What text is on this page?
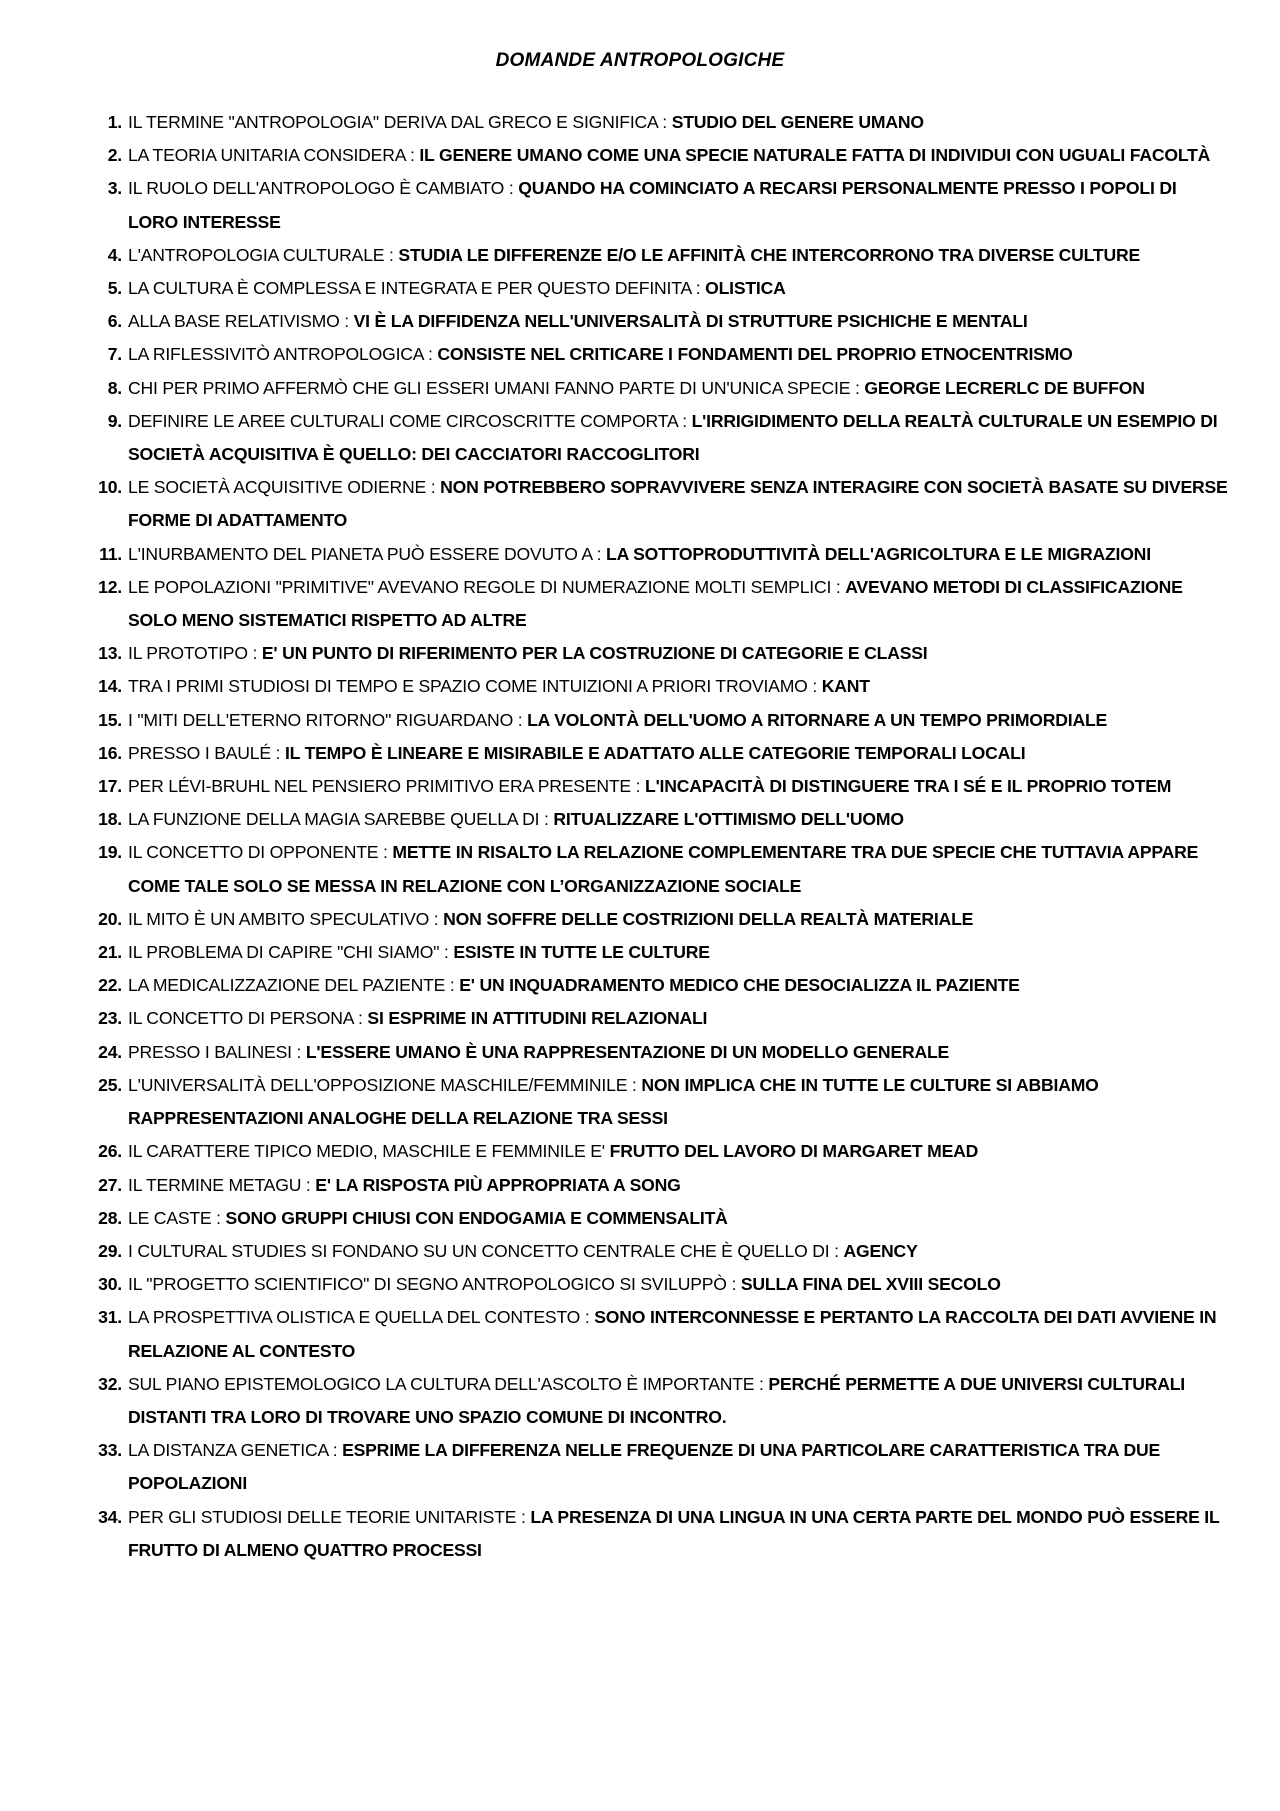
DOMANDE ANTROPOLOGICHE
1. IL TERMINE "ANTROPOLOGIA" DERIVA DAL GRECO E SIGNIFICA : STUDIO DEL GENERE UMANO
2. LA TEORIA UNITARIA CONSIDERA : IL GENERE UMANO COME UNA SPECIE NATURALE FATTA DI INDIVIDUI CON UGUALI FACOLTÀ
3. IL RUOLO DELL'ANTROPOLOGO È CAMBIATO : QUANDO HA COMINCIATO A RECARSI PERSONALMENTE PRESSO I POPOLI DI LORO INTERESSE
4. L'ANTROPOLOGIA CULTURALE : STUDIA LE DIFFERENZE E/O LE AFFINITÀ CHE INTERCORRONO TRA DIVERSE CULTURE
5. LA CULTURA È COMPLESSA E INTEGRATA E PER QUESTO DEFINITA : OLISTICA
6. ALLA BASE RELATIVISMO : VI È LA DIFFIDENZA NELL'UNIVERSALITÀ DI STRUTTURE PSICHICHE E MENTALI
7. LA RIFLESSIVITÒ ANTROPOLOGICA : CONSISTE NEL CRITICARE I FONDAMENTI DEL PROPRIO ETNOCENTRISMO
8. CHI PER PRIMO AFFERMÒ CHE GLI ESSERI UMANI FANNO PARTE DI UN'UNICA SPECIE : GEORGE LECRERLC DE BUFFON
9. DEFINIRE LE AREE CULTURALI COME CIRCOSCRITTE COMPORTA : L'IRRIGIDIMENTO DELLA REALTÀ CULTURALE UN ESEMPIO DI SOCIETÀ ACQUISITIVA È QUELLO: DEI CACCIATORI RACCOGLITORI
10. LE SOCIETÀ ACQUISITIVE ODIERNE : NON POTREBBERO SOPRAVVIVERE SENZA INTERAGIRE CON SOCIETÀ BASATE SU DIVERSE FORME DI ADATTAMENTO
11. L'INURBAMENTO DEL PIANETA PUÒ ESSERE DOVUTO A : LA SOTTOPRODUTTIVITÀ DELL'AGRICOLTURA E LE MIGRAZIONI
12. LE POPOLAZIONI "PRIMITIVE" AVEVANO REGOLE DI NUMERAZIONE MOLTI SEMPLICI : AVEVANO METODI DI CLASSIFICAZIONE SOLO MENO SISTEMATICI RISPETTO AD ALTRE
13. IL PROTOTIPO : E' UN PUNTO DI RIFERIMENTO PER LA COSTRUZIONE DI CATEGORIE E CLASSI
14. TRA I PRIMI STUDIOSI DI TEMPO E SPAZIO COME INTUIZIONI A PRIORI TROVIAMO : KANT
15. I "MITI DELL'ETERNO RITORNO" RIGUARDANO : LA VOLONTÀ DELL'UOMO A RITORNARE A UN TEMPO PRIMORDIALE
16. PRESSO I BAULÉ : IL TEMPO È LINEARE E MISIRABILE E ADATTATO ALLE CATEGORIE TEMPORALI LOCALI
17. PER LÉVI-BRUHL NEL PENSIERO PRIMITIVO ERA PRESENTE : L'INCAPACITÀ DI DISTINGUERE TRA I SÉ E IL PROPRIO TOTEM
18. LA FUNZIONE DELLA MAGIA SAREBBE QUELLA DI : RITUALIZZARE L'OTTIMISMO DELL'UOMO
19. IL CONCETTO DI OPPONENTE : METTE IN RISALTO LA RELAZIONE COMPLEMENTARE TRA DUE SPECIE CHE TUTTAVIA APPARE COME TALE SOLO SE MESSA IN RELAZIONE CON L’ORGANIZZAZIONE SOCIALE
20. IL MITO È UN AMBITO SPECULATIVO : NON SOFFRE DELLE COSTRIZIONI DELLA REALTÀ MATERIALE
21. IL PROBLEMA DI CAPIRE "CHI SIAMO" : ESISTE IN TUTTE LE CULTURE
22. LA MEDICALIZZAZIONE DEL PAZIENTE : E' UN INQUADRAMENTO MEDICO CHE DESOCIALIZZA IL PAZIENTE
23. IL CONCETTO DI PERSONA : SI ESPRIME IN ATTITUDINI RELAZIONALI
24. PRESSO I BALINESI : L'ESSERE UMANO È UNA RAPPRESENTAZIONE DI UN MODELLO GENERALE
25. L'UNIVERSALITÀ DELL'OPPOSIZIONE MASCHILE/FEMMINILE : NON IMPLICA CHE IN TUTTE LE CULTURE SI ABBIAMO RAPPRESENTAZIONI ANALOGHE DELLA RELAZIONE TRA SESSI
26. IL CARATTERE TIPICO MEDIO, MASCHILE E FEMMINILE E' FRUTTO DEL LAVORO DI MARGARET MEAD
27. IL TERMINE METAGU : E' LA RISPOSTA PIÙ APPROPRIATA A SONG
28. LE CASTE : SONO GRUPPI CHIUSI CON ENDOGAMIA E COMMENSALITÀ
29. I CULTURAL STUDIES SI FONDANO SU UN CONCETTO CENTRALE CHE È QUELLO DI : AGENCY
30. IL "PROGETTO SCIENTIFICO" DI SEGNO ANTROPOLOGICO SI SVILUPPÒ : SULLA FINA DEL XVIII SECOLO
31. LA PROSPETTIVA OLISTICA E QUELLA DEL CONTESTO : SONO INTERCONNESSE E PERTANTO LA RACCOLTA DEI DATI AVVIENE IN RELAZIONE AL CONTESTO
32. SUL PIANO EPISTEMOLOGICO LA CULTURA DELL'ASCOLTO È IMPORTANTE : PERCHÉ PERMETTE A DUE UNIVERSI CULTURALI DISTANTI TRA LORO DI TROVARE UNO SPAZIO COMUNE DI INCONTRO.
33. LA DISTANZA GENETICA : ESPRIME LA DIFFERENZA NELLE FREQUENZE DI UNA PARTICOLARE CARATTERISTICA TRA DUE POPOLAZIONI
34. PER GLI STUDIOSI DELLE TEORIE UNITARISTE : LA PRESENZA DI UNA LINGUA IN UNA CERTA PARTE DEL MONDO PUÒ ESSERE IL FRUTTO DI ALMENO QUATTRO PROCESSI
